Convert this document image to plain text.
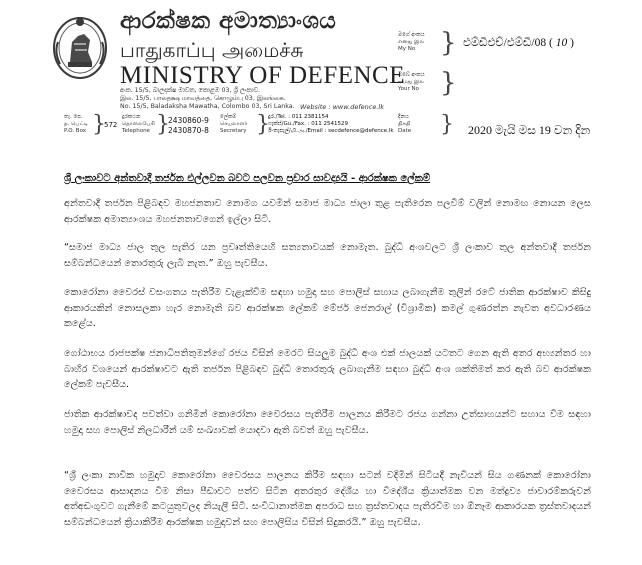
ආරක්ෂක අමාත්‍යාංශය
பாதுகாப்பு அமைச்சு
MINISTRY OF DEFENCE
අංක. 15/5, බාලදක්ෂ මාවත, කොළඹ 03, ශ්‍රී ලංකාව.
இல. 15/5, பாலதக்ஷ மாவத்தை, கொழும்பு 03, இலங்கை.
No. 15/5, Baladaksha Mawatha, Colombo 03, Sri Lanka. Website : www.defence.lk
මගේ අංකය
எனது இல
My No } එම්ඩීඑච්/එම්ඩී/08 ( 10 )
ඔබේ අංකය
உமது இல
Your No }
තැ. පෙ.
த. பெட்டி
P.O. Box }
572
දුරකථන
தொலைபேசி
Telephone }
2430860-9
2430870-8
ලේකම්
செயலாளர்
Secretary }
දුර./Tel. : 011 2381154
ෆැක්ස්/Gu./Fax. : 011 2541529
ඊ-තැපැල්/மி.அ./Email : secdefence@defence.lk
දිනය
திகதி
Date } 2020 මැයි මස 19 වන දින
ශ්‍රී ලංකාවට අන්තවාදී තර්ජන එල්ලවන බවට පලවන ප්‍රචාර සාවද්‍යයි - ආරක්ෂක ලේකම්
අන්තවාදී තර්ජන පිළිබඳව මහජනතාව නොමග යවමින් සමාජ මාධ්‍ය ජාලා තුළ පැතිරෙන පලවීම් වලින් නොමඟ නොයන ලෙස ආරක්ෂක අමාත්‍යාංශය මහජනතාවගෙන් ඉල්ලා සිටී.
“සමාජ මාධ්‍ය ජාල තුල පැතිර යන ප්‍රවෘත්තියෙහි සත්‍යතාවයක් නොමැත. බුද්ධි අංශවලට ශ්‍රී ලංකාව තුල අන්තවාදී තර්ජන සම්බන්ධයෙන් තොරතුරු ලැබී නැත.” ඔහු පැවසීය.
කොරෝනා වෛරස් වසංගතය පැතිරීම වැළැක්වීම සඳහා හමුදා සහ පොලිස් සහාය ලබාගැනීම තුලින් රටේ ජාතික ආරක්ෂාව කිසිදු ආකාරයකින් නොසලකා හැර නොමැති බව ආරක්ෂක ලේකම් මේජර් ජෙනරාල් (විශ්‍රාමික) කමල් ගුණරත්න නැවත අවධාරණය කළේය.
ගෝඨාභය රාජපක්ෂ ජනාධිපතිතුමන්ගේ රජය විසින් මෙරට සියලුම බුද්ධි අංශ එක් ජාලයක් යටතට ගෙන ඇති අතර අභ්‍යන්තර හා බාහිර වශයෙන් ආරක්ෂාවට ඇති තර්ජන පිළිබඳව බුද්ධි තොරතුරු ලබාගැනීම සඳහා බුද්ධි අංශ ශක්තිමත් කර ඇති බව ආරක්ෂක ලේකම් පැවසීය.
ජාතික ආරක්ෂාවද පවත්වා ගනිමින් කොරෝනා වෛරසය පැතිරීම පාලනය කිරීමට රජය ගන්නා උත්සාහයන්ට සහාය වීම සඳහා හමුදා සහ පොලිස් නිලධාරීන් යම් සංඛ්‍යාවක් යොදවා ඇති බවත් ඔහු පැවසීය.
“ශ්‍රී ලංකා නාවික හමුදාව කොරෝනා වෛරසය පාලනය කිරීම සඳහා සටන් වදිමින් සිටියදී නැවියන් සිය ගණනක් කොරෝනා වෛරසය ආසාදනය වීම නිසා පීඩාවට පත්ව සිටින අතරතුර දේශීය හා විදේශීය ක්‍රියාත්මක වන මත්ද්‍රව්‍ය ජාවාරම්කරුවන් අත්අඩංගුවට ගැනීමේ කටයුතුවලද නියැලී සිටී. සංවිධානාත්මක අපරාධ සහ ත්‍රස්තවාදය පැතිරවීම හා ඕනෑම ආකාරයක ත්‍රස්තවාදයන් සම්බන්ධයෙන් ක්‍රියාකිරීම ආරක්ෂක හමුදාවන් සහ පොලිසිය විසින් සිදුකරයි.” ඔහු පැවසීය.
